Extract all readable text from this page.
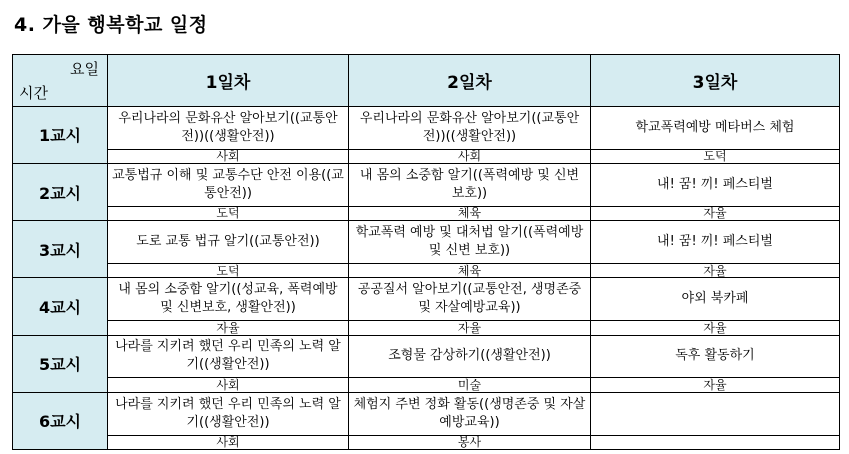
4. 가을 행복학교 일정
요일
시간	1일차	2일차	3일차
1교시	우리나라의 문화유산 알아보기((교통안전))((생활안전))	우리나라의 문화유산 알아보기((교통안전))((생활안전))	학교폭력예방 메타버스 체험
	사회	사회	도덕
2교시	교통법규 이해 및 교통수단 안전 이용((교통안전))	내 몸의 소중함 알기((폭력예방 및 신변 보호))	내! 꿈! 끼! 페스티벌
	도덕	체육	자율
3교시	도로 교통 법규 알기((교통안전))	학교폭력 예방 및 대처법 알기((폭력예방 및 신변 보호))	내! 꿈! 끼! 페스티벌
	도덕	체육	자율
4교시	내 몸의 소중함 알기((성교육, 폭력예방 및 신변보호, 생활안전))	공공질서 알아보기((교통안전, 생명존중 및 자살예방교육))	야외 북카페
	자율	자율	자율
5교시	나라를 지키려 했던 우리 민족의 노력 알기((생활안전))	조형물 감상하기((생활안전))	독후 활동하기
	사회	미술	자율
6교시	나라를 지키려 했던 우리 민족의 노력 알기((생활안전))	체험지 주변 정화 활동((생명존중 및 자살예방교육))	
	사회	봉사	
